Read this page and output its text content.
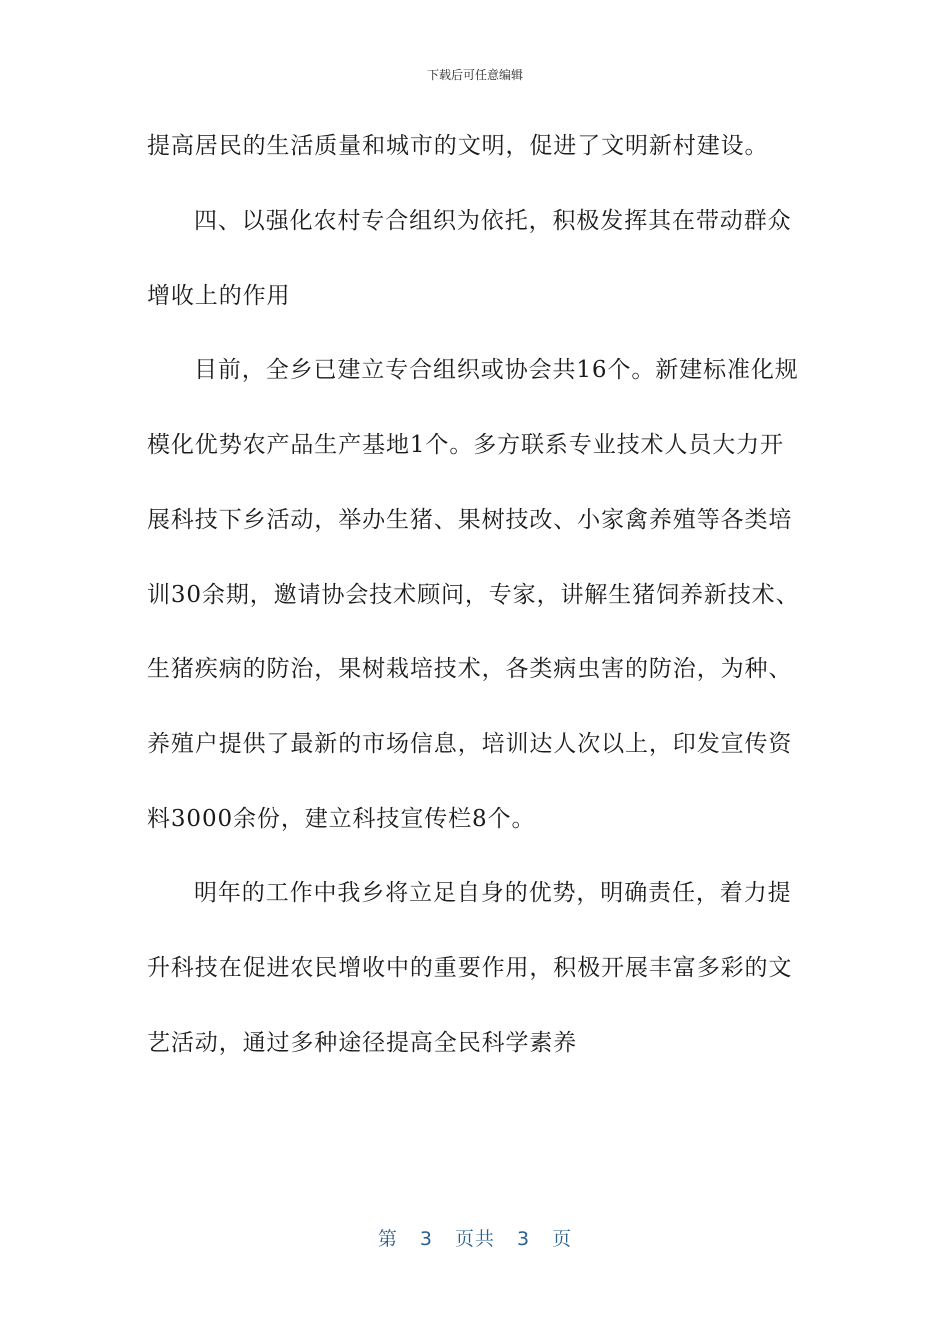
下载后可任意编辑
提高居民的生活质量和城市的文明，促进了文明新村建设。
四、以强化农村专合组织为依托，积极发挥其在带动群众
增收上的作用
目前，全乡已建立专合组织或协会共16个。新建标准化规
模化优势农产品生产基地1个。多方联系专业技术人员大力开
展科技下乡活动，举办生猪、果树技改、小家禽养殖等各类培
训30余期，邀请协会技术顾问，专家，讲解生猪饲养新技术、
生猪疾病的防治，果树栽培技术，各类病虫害的防治，为种、
养殖户提供了最新的市场信息，培训达人次以上，印发宣传资
料3000余份，建立科技宣传栏8个。
明年的工作中我乡将立足自身的优势，明确责任，着力提
升科技在促进农民增收中的重要作用，积极开展丰富多彩的文
艺活动，通过多种途径提高全民科学素养
第 3 页共 3 页
